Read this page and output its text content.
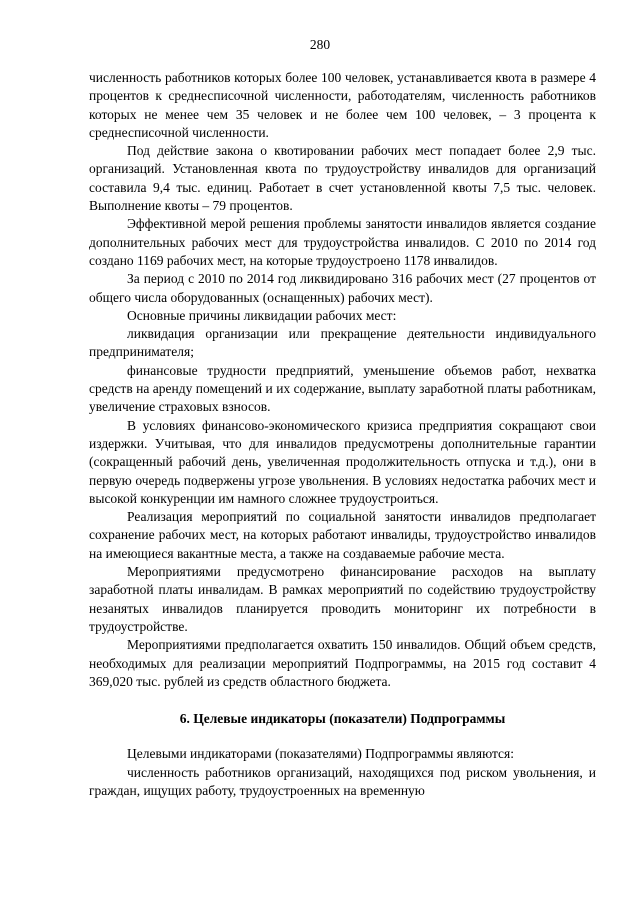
280

численность работников которых более 100 человек, устанавливается квота в размере 4 процентов к среднесписочной численности, работодателям, численность работников которых не менее чем 35 человек и не более чем 100 человек, – 3 процента к среднесписочной численности.

Под действие закона о квотировании рабочих мест попадает более 2,9 тыс. организаций. Установленная квота по трудоустройству инвалидов для организаций составила 9,4 тыс. единиц. Работает в счет установленной квоты 7,5 тыс. человек. Выполнение квоты – 79 процентов.

Эффективной мерой решения проблемы занятости инвалидов является создание дополнительных рабочих мест для трудоустройства инвалидов. С 2010 по 2014 год создано 1169 рабочих мест, на которые трудоустроено 1178 инвалидов.

За период с 2010 по 2014 год ликвидировано 316 рабочих мест (27 процентов от общего числа оборудованных (оснащенных) рабочих мест).

Основные причины ликвидации рабочих мест:

ликвидация организации или прекращение деятельности индивидуального предпринимателя;

финансовые трудности предприятий, уменьшение объемов работ, нехватка средств на аренду помещений и их содержание, выплату заработной платы работникам, увеличение страховых взносов.

В условиях финансово-экономического кризиса предприятия сокращают свои издержки. Учитывая, что для инвалидов предусмотрены дополнительные гарантии (сокращенный рабочий день, увеличенная продолжительность отпуска и т.д.), они в первую очередь подвержены угрозе увольнения. В условиях недостатка рабочих мест и высокой конкуренции им намного сложнее трудоустроиться.

Реализация мероприятий по социальной занятости инвалидов предполагает сохранение рабочих мест, на которых работают инвалиды, трудоустройство инвалидов на имеющиеся вакантные места, а также на создаваемые рабочие места.

Мероприятиями предусмотрено финансирование расходов на выплату заработной платы инвалидам. В рамках мероприятий по содействию трудоустройству незанятых инвалидов планируется проводить мониторинг их потребности в трудоустройстве.

Мероприятиями предполагается охватить 150 инвалидов. Общий объем средств, необходимых для реализации мероприятий Подпрограммы, на 2015 год составит 4 369,020 тыс. рублей из средств областного бюджета.

6. Целевые индикаторы (показатели) Подпрограммы

Целевыми индикаторами (показателями) Подпрограммы являются:

численность работников организаций, находящихся под риском увольнения, и граждан, ищущих работу, трудоустроенных на временную
